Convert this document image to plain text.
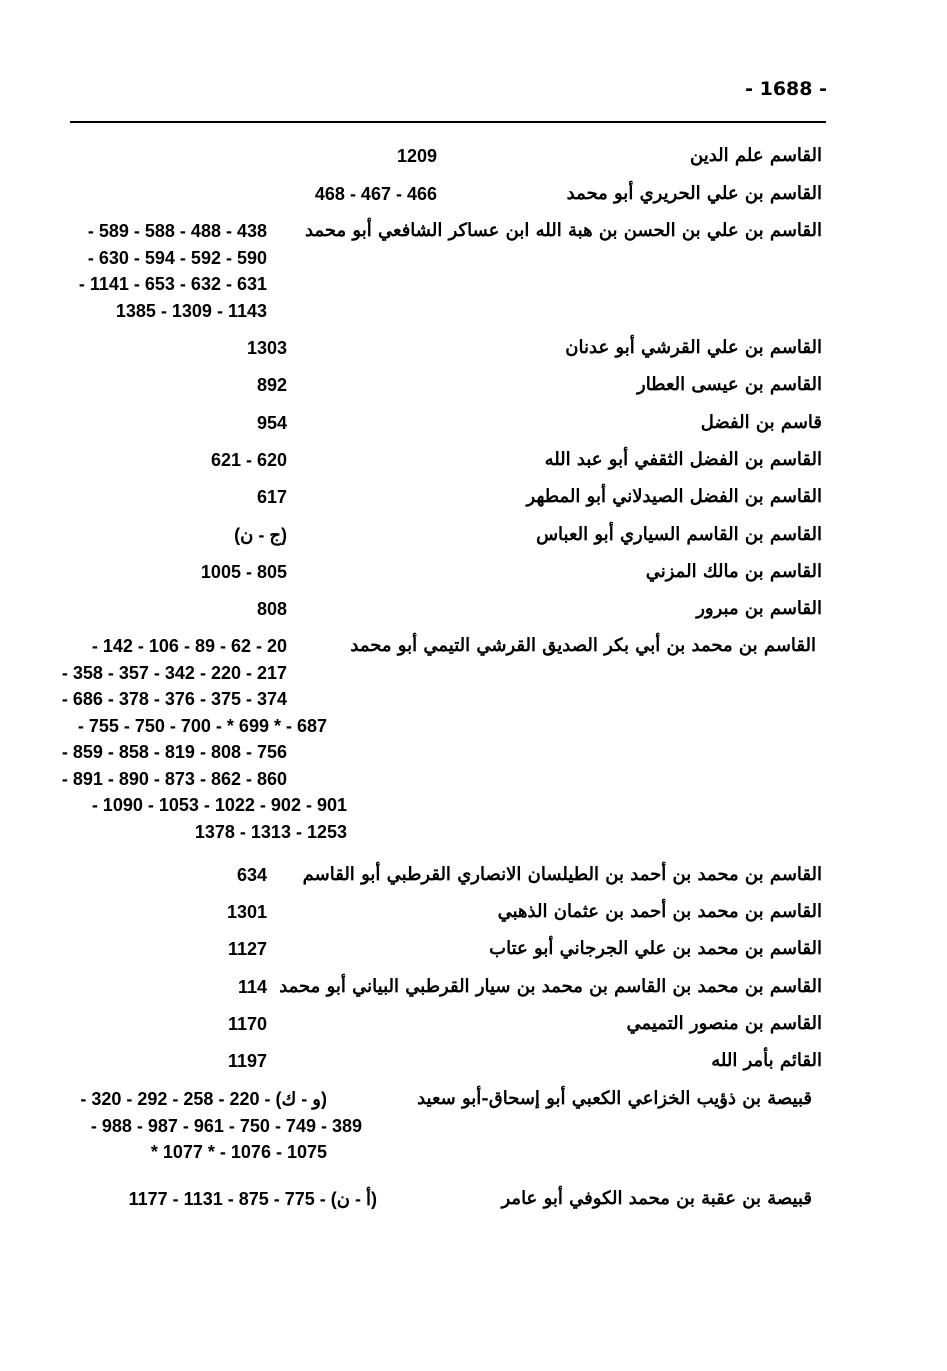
- 1688 -
القاسم علم الدين
1209
القاسم بن علي الحريري أبو محمد
468 - 467 - 466
القاسم بن علي بن الحسن بن هبة الله ابن عساكر الشافعي أبو محمد
- 589 - 588 - 488 - 438
- 630 - 594 - 592 - 590
- 1141 - 653 - 632 - 631
1385 - 1309 - 1143
القاسم بن علي القرشي أبو عدنان
1303
القاسم بن عيسى العطار
892
قاسم بن الفضل
954
القاسم بن الفضل الثقفي أبو عبد الله
621 - 620
القاسم بن الفضل الصيدلاني أبو المطهر
617
القاسم بن القاسم السياري أبو العباس
(ج - ن)
القاسم بن مالك المزني
1005 - 805
القاسم بن مبرور
808
القاسم بن محمد بن أبي بكر الصديق القرشي التيمي أبو محمد
- 142 - 106 - 89 - 62 - 20
- 358 - 357 - 342 - 220 - 217
- 686 - 378 - 376 - 375 - 374
- 755 - 750 - 700 - * 699 * - 687
- 859 - 858 - 819 - 808 - 756
- 891 - 890 - 873 - 862 - 860
- 1090 - 1053 - 1022 - 902 - 901
1378 - 1313 - 1253
القاسم بن محمد بن أحمد بن الطيلسان الانصاري القرطبي أبو القاسم
634
القاسم بن محمد بن أحمد بن عثمان الذهبي
1301
القاسم بن محمد بن علي الجرجاني أبو عتاب
1127
القاسم بن محمد بن القاسم بن محمد بن سيار القرطبي البياني أبو محمد
114
القاسم بن منصور التميمي
1170
القائم بأمر الله
1197
قبيصة بن ذؤيب الخزاعي الكعبي أبو إسحاق-أبو سعيد
- 320 - 292 - 258 - 220 - (و - ك)
- 988 - 987 - 961 - 750 - 749 - 389
* 1077 * - 1076 - 1075
قبيصة بن عقبة بن محمد الكوفي أبو عامر
1177 - 1131 - 875 - 775 - (أ - ن)
